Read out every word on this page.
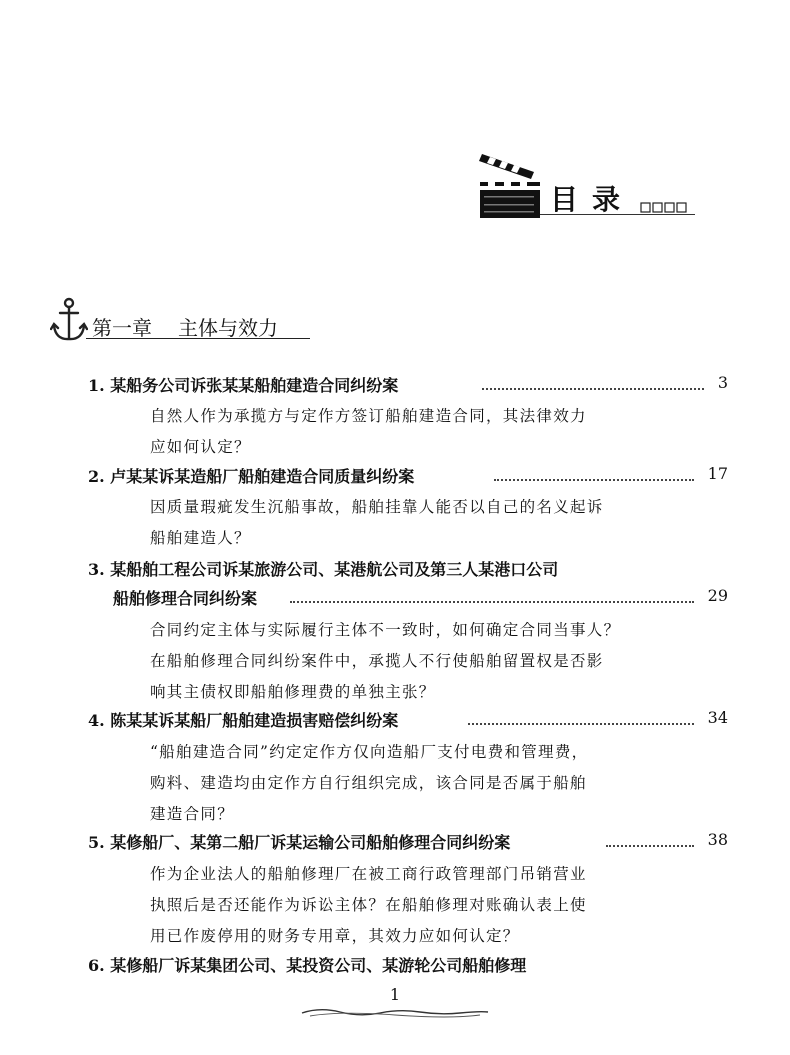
目录
第一章 主体与效力
1. 某船务公司诉张某某船舶建造合同纠纷案	3
自然人作为承揽方与定作方签订船舶建造合同，其法律效力
应如何认定？
2. 卢某某诉某造船厂船舶建造合同质量纠纷案	17
因质量瑕疵发生沉船事故，船舶挂靠人能否以自己的名义起诉
船舶建造人？
3. 某船舶工程公司诉某旅游公司、某港航公司及第三人某港口公司
船舶修理合同纠纷案	29
合同约定主体与实际履行主体不一致时，如何确定合同当事人？
在船舶修理合同纠纷案件中，承揽人不行使船舶留置权是否影
响其主债权即船舶修理费的单独主张？
4. 陈某某诉某船厂船舶建造损害赔偿纠纷案	34
“船舶建造合同”约定定作方仅向造船厂支付电费和管理费，
购料、建造均由定作方自行组织完成，该合同是否属于船舶
建造合同？
5. 某修船厂、某第二船厂诉某运输公司船舶修理合同纠纷案	38
作为企业法人的船舶修理厂在被工商行政管理部门吊销营业
执照后是否还能作为诉讼主体？在船舶修理对账确认表上使
用已作废停用的财务专用章，其效力应如何认定？
6. 某修船厂诉某集团公司、某投资公司、某游轮公司船舶修理
1
